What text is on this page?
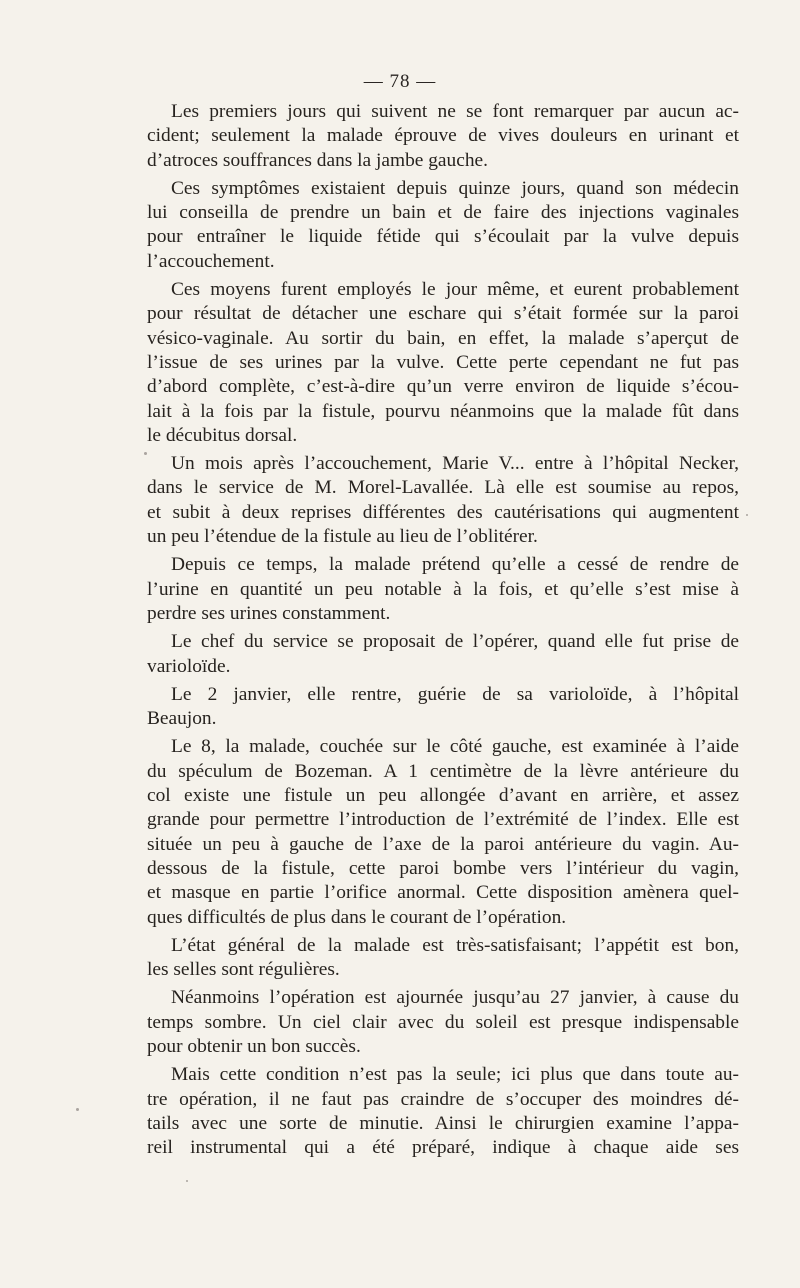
— 78 —
Les premiers jours qui suivent ne se font remarquer par aucun ac-
cident; seulement la malade éprouve de vives douleurs en urinant et
d’atroces souffrances dans la jambe gauche.
Ces symptômes existaient depuis quinze jours, quand son médecin
lui conseilla de prendre un bain et de faire des injections vaginales
pour entraîner le liquide fétide qui s’écoulait par la vulve depuis
l’accouchement.
Ces moyens furent employés le jour même, et eurent probablement
pour résultat de détacher une eschare qui s’était formée sur la paroi
vésico-vaginale. Au sortir du bain, en effet, la malade s’aperçut de
l’issue de ses urines par la vulve. Cette perte cependant ne fut pas
d’abord complète, c’est-à-dire qu’un verre environ de liquide s’écou-
lait à la fois par la fistule, pourvu néanmoins que la malade fût dans
le décubitus dorsal.
Un mois après l’accouchement, Marie V... entre à l’hôpital Necker,
dans le service de M. Morel-Lavallée. Là elle est soumise au repos,
et subit à deux reprises différentes des cautérisations qui augmentent
un peu l’étendue de la fistule au lieu de l’oblitérer.
Depuis ce temps, la malade prétend qu’elle a cessé de rendre de
l’urine en quantité un peu notable à la fois, et qu’elle s’est mise à
perdre ses urines constamment.
Le chef du service se proposait de l’opérer, quand elle fut prise de
varioloïde.
Le 2 janvier, elle rentre, guérie de sa varioloïde, à l’hôpital
Beaujon.
Le 8, la malade, couchée sur le côté gauche, est examinée à l’aide
du spéculum de Bozeman. A 1 centimètre de la lèvre antérieure du
col existe une fistule un peu allongée d’avant en arrière, et assez
grande pour permettre l’introduction de l’extrémité de l’index. Elle est
située un peu à gauche de l’axe de la paroi antérieure du vagin. Au-
dessous de la fistule, cette paroi bombe vers l’intérieur du vagin,
et masque en partie l’orifice anormal. Cette disposition amènera quel-
ques difficultés de plus dans le courant de l’opération.
L’état général de la malade est très-satisfaisant; l’appétit est bon,
les selles sont régulières.
Néanmoins l’opération est ajournée jusqu’au 27 janvier, à cause du
temps sombre. Un ciel clair avec du soleil est presque indispensable
pour obtenir un bon succès.
Mais cette condition n’est pas la seule; ici plus que dans toute au-
tre opération, il ne faut pas craindre de s’occuper des moindres dé-
tails avec une sorte de minutie. Ainsi le chirurgien examine l’appa-
reil instrumental qui a été préparé, indique à chaque aide ses
